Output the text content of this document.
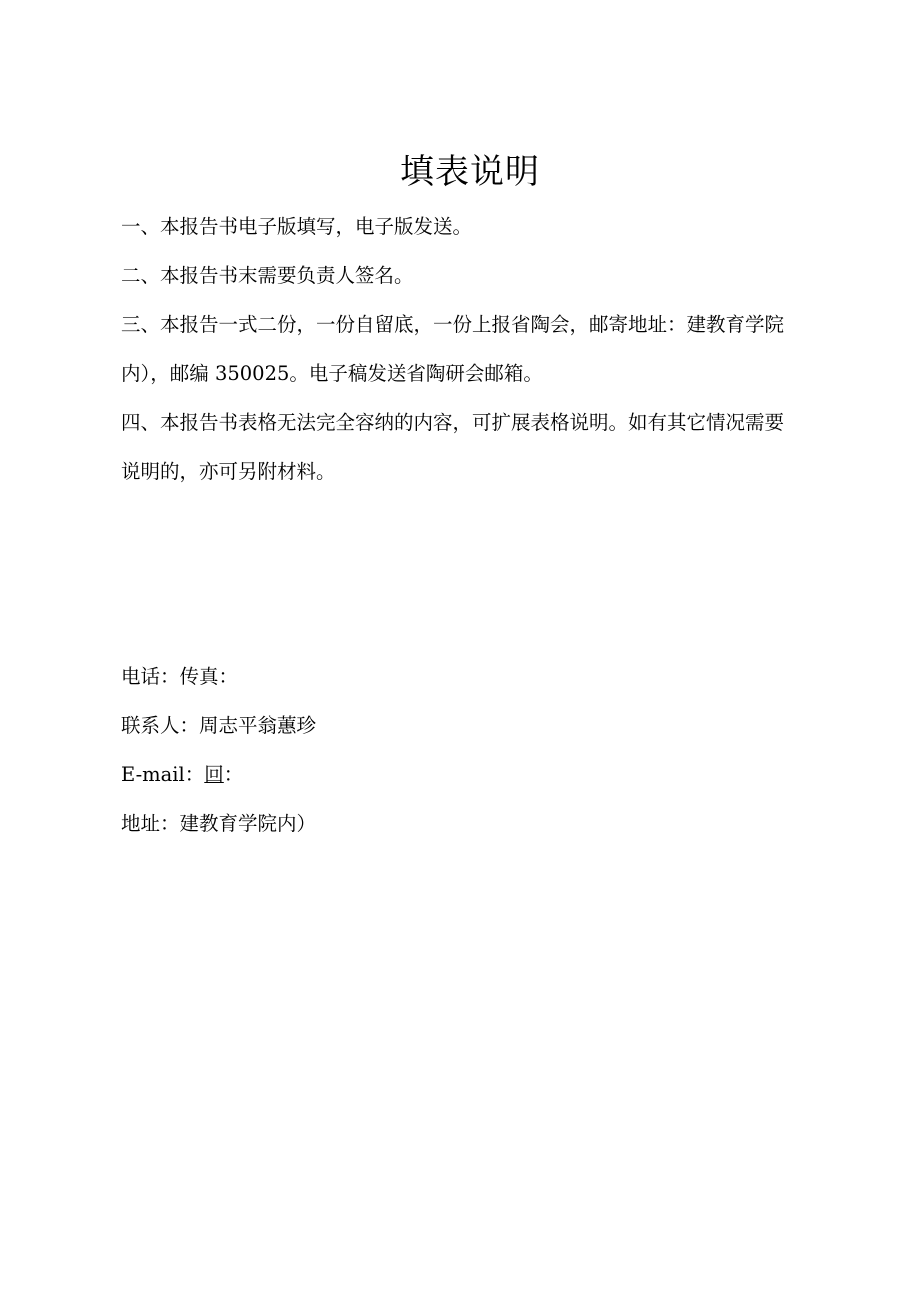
填表说明

一、本报告书电子版填写，电子版发送。

二、本报告书末需要负责人签名。

三、本报告一式二份，一份自留底，一份上报省陶会，邮寄地址：建教育学院
内），邮编 350025。电子稿发送省陶研会邮箱。

四、本报告书表格无法完全容纳的内容，可扩展表格说明。如有其它情况需要
说明的，亦可另附材料。

电话：传真：

联系人：周志平翁蕙珍

E-mail：回：

地址：建教育学院内）
